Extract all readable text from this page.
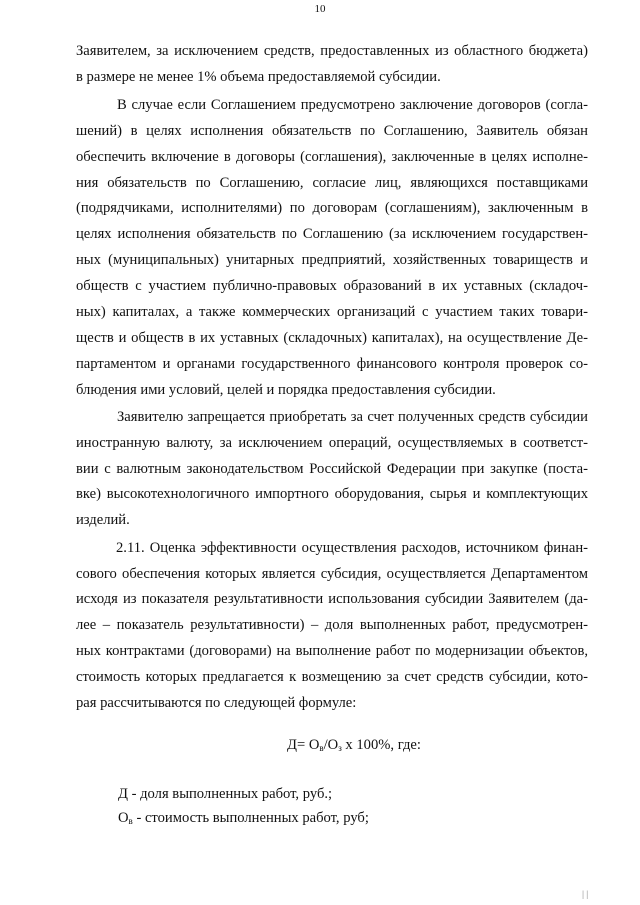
10
Заявителем, за исключением средств, предоставленных из областного бюджета)
в размере не менее 1% объема предоставляемой субсидии.
В случае если Соглашением предусмотрено заключение договоров (согла-
шений) в целях исполнения обязательств по Соглашению, Заявитель обязан
обеспечить включение в договоры (соглашения), заключенные в целях исполне-
ния обязательств по Соглашению, согласие лиц, являющихся поставщиками
(подрядчиками, исполнителями) по договорам (соглашениям), заключенным в
целях исполнения обязательств по Соглашению (за исключением государствен-
ных (муниципальных) унитарных предприятий, хозяйственных товариществ и
обществ с участием публично-правовых образований в их уставных (складоч-
ных) капиталах, а также коммерческих организаций с участием таких товари-
ществ и обществ в их уставных (складочных) капиталах), на осуществление Де-
партаментом и органами государственного финансового контроля проверок со-
блюдения ими условий, целей и порядка предоставления субсидии.
Заявителю запрещается приобретать за счет полученных средств субсидии
иностранную валюту, за исключением операций, осуществляемых в соответст-
вии с валютным законодательством Российской Федерации при закупке (поста-
вке) высокотехнологичного импортного оборудования, сырья и комплектующих
изделий.
2.11. Оценка эффективности осуществления расходов, источником финан-
сового обеспечения которых является субсидия, осуществляется Департаментом
исходя из показателя результативности использования субсидии Заявителем (да-
лее – показатель результативности) – доля выполненных работ, предусмотрен-
ных контрактами (договорами) на выполнение работ по модернизации объектов,
стоимость которых предлагается к возмещению за счет средств субсидии, кото-
рая рассчитываются по следующей формуле:
$Д= О_в/О_з$ х 100%, где:
Д - доля выполненных работ, руб.;
$О_в$ - стоимость выполненных работ, руб;
| |
